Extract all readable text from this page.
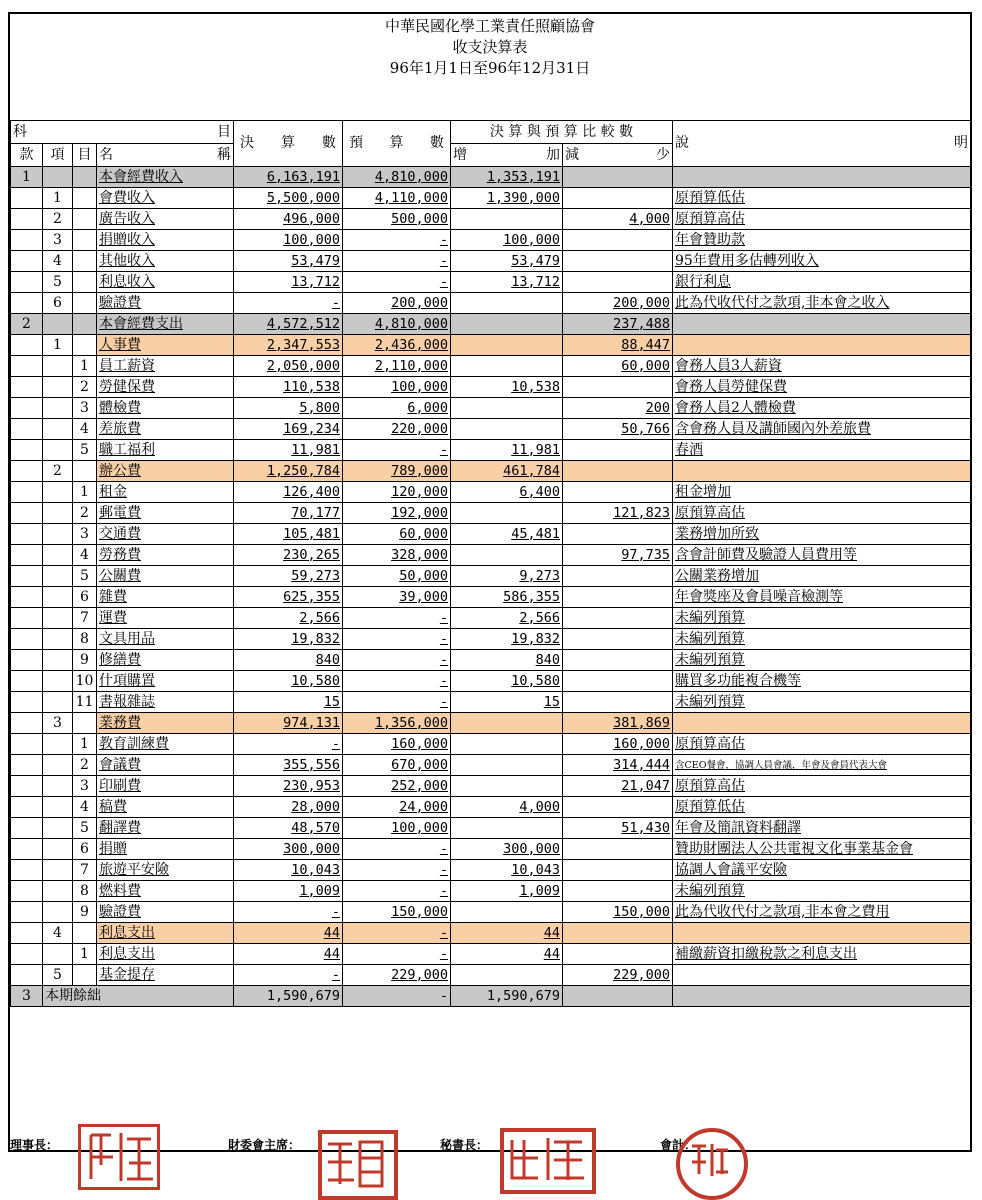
中華民國化學工業責任照顧協會
收支決算表
96年1月1日至96年12月31日
科 目				決 算 數	預 算 數	決 算 與 預 算 比 較 數		說 明

款	項	目	名 稱			增 加	減 少	

1			本會經費收入	6,163,191	4,810,000	1,353,191		
	1		會費收入	5,500,000	4,110,000	1,390,000		原預算低估
	2		廣告收入	496,000	500,000		4,000	原預算高估
	3		捐贈收入	100,000	-	100,000		年會贊助款
	4		其他收入	53,479	-	53,479		95年費用多估轉列收入
	5		利息收入	13,712	-	13,712		銀行利息
	6		驗證費	-	200,000		200,000	此為代收代付之款項,非本會之收入
2			本會經費支出	4,572,512	4,810,000		237,488	
	1		人事費	2,347,553	2,436,000		88,447	
		1	員工薪資	2,050,000	2,110,000		60,000	會務人員3人薪資
		2	勞健保費	110,538	100,000	10,538		會務人員勞健保費
		3	體檢費	5,800	6,000		200	會務人員2人體檢費
		4	差旅費	169,234	220,000		50,766	含會務人員及講師國內外差旅費
		5	職工福利	11,981	-	11,981		春酒
	2		辦公費	1,250,784	789,000	461,784		
		1	租金	126,400	120,000	6,400		租金增加
		2	郵電費	70,177	192,000		121,823	原預算高估
		3	交通費	105,481	60,000	45,481		業務增加所致
		4	勞務費	230,265	328,000		97,735	含會計師費及驗證人員費用等
		5	公關費	59,273	50,000	9,273		公關業務增加
		6	雜費	625,355	39,000	586,355		年會獎座及會員噪音檢測等
		7	運費	2,566	-	2,566		未編列預算
		8	文具用品	19,832	-	19,832		未編列預算
		9	修繕費	840	-	840		未編列預算
		10	什項購置	10,580	-	10,580		購買多功能複合機等
		11	書報雜誌	15	-	15		未編列預算
	3		業務費	974,131	1,356,000		381,869	
		1	教育訓練費	-	160,000		160,000	原預算高估
		2	會議費	355,556	670,000		314,444	含CEO餐會，協調人員會議，年會及會員代表大會
		3	印刷費	230,953	252,000		21,047	原預算高估
		4	稿費	28,000	24,000	4,000		原預算低估
		5	翻譯費	48,570	100,000		51,430	年會及簡訊資料翻譯
		6	捐贈	300,000	-	300,000		贊助財團法人公共電視文化事業基金會
		7	旅遊平安險	10,043	-	10,043		協調人會議平安險
		8	燃料費	1,009	-	1,009		未編列預算
		9	驗證費	-	150,000		150,000	此為代收代付之款項,非本會之費用
	4		利息支出	44	-	44		
		1	利息支出	44	-	44		補繳薪資扣繳稅款之利息支出
	5		基金提存	-	229,000		229,000	
3	本期餘絀			1,590,679	-	1,590,679		
理事長：	財委會主席：	秘書長：	會計：
